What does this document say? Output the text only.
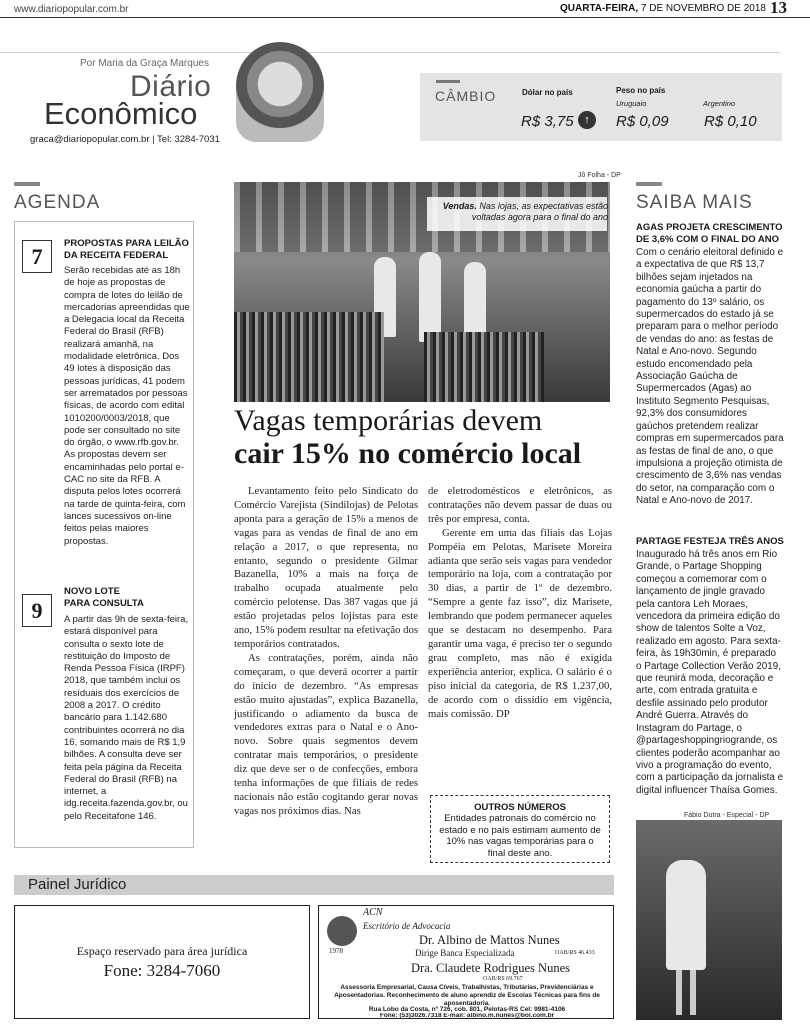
www.diariopopular.com.br	QUARTA-FEIRA, 7 DE NOVEMBRO DE 2018 13
Por Maria da Graça Marques
Diário
Econômico
graca@diariopopular.com.br | Tel: 3284-7031
CÂMBIO	Dólar no país
R$ 3,75 ↑
Peso no país
Uruguaio	Argentino
R$ 0,09 R$ 0,10
AGENDA
7
PROPOSTAS PARA LEILÃO
DA RECEITA FEDERAL
Serão recebidas até as 18h de hoje as propostas de compra de lotes do leilão de mercadorias apreendidas que a Delegacia local da Receita Federal do Brasil (RFB) realizará amanhã, na modalidade eletrônica. Dos 49 lotes à disposição das pessoas jurídicas, 41 podem ser arrematados por pessoas físicas, de acordo com edital 1010200/0003/2018, que pode ser consultado no site do órgão, o www.rfb.gov.br. As propostas devem ser encaminhadas pelo portal e-CAC no site da RFB. A disputa pelos lotes ocorrerá na tarde de quinta-feira, com lances sucessivos on-line feitos pelas maiores propostas.
9
NOVO LOTE
PARA CONSULTA
A partir das 9h de sexta-feira, estará disponível para consulta o sexto lote de restituição do Imposto de Renda Pessoa Física (IRPF) 2018, que também inclui os resíduais dos exercícios de 2008 a 2017. O crédito bancário para 1.142.680 contribuintes ocorrerá no dia 16, somando mais de R$ 1,9 bilhões. A consulta deve ser feita pela página da Receita Federal do Brasil (RFB) na internet, a idg.receita.fazenda.gov.br, ou pelo Receitafone 146.
Jô Folha - DP
Vendas. Nas lojas, as expectativas estão voltadas agora para o final do ano
Vagas temporárias devem
cair 15% no comércio local

Levantamento feito pelo Sindicato do Comércio Varejista (Sindilojas) de Pelotas aponta para a geração de 15% a menos de vagas para as vendas de final de ano em relação a 2017, o que representa, no entanto, segundo o presidente Gilmar Bazanella, 10% a mais na força de trabalho ocupada atualmente pelo comércio pelotense. Das 387 vagas que já estão projetadas pelos lojistas para este ano, 15% podem resultar na efetivação dos temporários contratados.

As contratações, porém, ainda não começaram, o que deverá ocorrer a partir do início de dezembro. “As empresas estão muito ajustadas”, explica Bazanella, justificando o adiamento da busca de vendedores extras para o Natal e o Ano-novo. Sobre quais segmentos devem contratar mais temporários, o presidente diz que deve ser o de confecções, embora tenha informações de que filiais de redes nacionais não estão cogitando gerar novas vagas nos próximos dias. Nas

de eletrodomésticos e eletrônicos, as contratações não devem passar de duas ou três por empresa, conta.

Gerente em uma das filiais das Lojas Pompéia em Pelotas, Marisete Moreira adianta que serão seis vagas para vendedor temporário na loja, com a contratação por 30 dias, a partir de 1º de dezembro. “Sempre a gente faz isso”, diz Marisete, lembrando que podem permanecer aqueles que se destacam no desempenho. Para garantir uma vaga, é preciso ter o segundo grau completo, mas não é exigida experiência anterior, explica. O salário é o piso inicial da categoria, de R$ 1.237,00, de acordo com o dissídio em vigência, mais comissão. DP

OUTROS NÚMEROS
Entidades patronais do comércio no estado e no país estimam aumento de 10% nas vagas temporárias para o final deste ano.
SAIBA MAIS
AGAS PROJETA CRESCIMENTO DE 3,6% COM O FINAL DO ANO
Com o cenário eleitoral definido e a expectativa de que R$ 13,7 bilhões sejam injetados na economia gaúcha a partir do pagamento do 13º salário, os supermercados do estado já se preparam para o melhor período de vendas do ano: as festas de Natal e Ano-novo. Segundo estudo encomendado pela Associação Gaúcha de Supermercados (Agas) ao Instituto Segmento Pesquisas, 92,3% dos consumidores gaúchos pretendem realizar compras em supermercados para as festas de final de ano, o que impulsiona a projeção otimista de crescimento de 3,6% nas vendas do setor, na comparação com o Natal e Ano-novo de 2017.
PARTAGE FESTEJA TRÊS ANOS
Inaugurado há três anos em Rio Grande, o Partage Shopping começou a comemorar com o lançamento de jingle gravado pela cantora Leh Moraes, vencedora da primeira edição do show de talentos Solte a Voz, realizado em agosto. Para sexta-feira, às 19h30min, é preparado o Partage Collection Verão 2019, que reunirá moda, decoração e arte, com entrada gratuita e desfile assinado pelo produtor André Guerra. Através do Instagram do Partage, o @partageshoppingriogrande, os clientes poderão acompanhar ao vivo a programação do evento, com a participação da jornalista e digital influencer Thaísa Gomes.
Fábio Dutra - Especial - DP
Painel Jurídico
Espaço reservado para área jurídica
Fone: 3284-7060
ACN
Escritório de Advocacia
1978
Dr. Albino de Mattos Nunes
Dirige Banca Especializada	OAB/RS 46.433
Dra. Claudete Rodrigues Nunes
OAB/RS 69.767
Assessoria Empresarial, Causa Cíveis, Trabalhistas, Tributárias, Previdenciárias e Aposentadorias. Reconhecimento de aluno aprendiz de Escolas Técnicas para fins de aposentadoria.
Rua Lobo da Costa, nº 726, cob. 801, Pelotas-RS Cel: 9981-4106
Fone: (53)3026.7318 E-mail: albino.m.nunes@bol.com.br
